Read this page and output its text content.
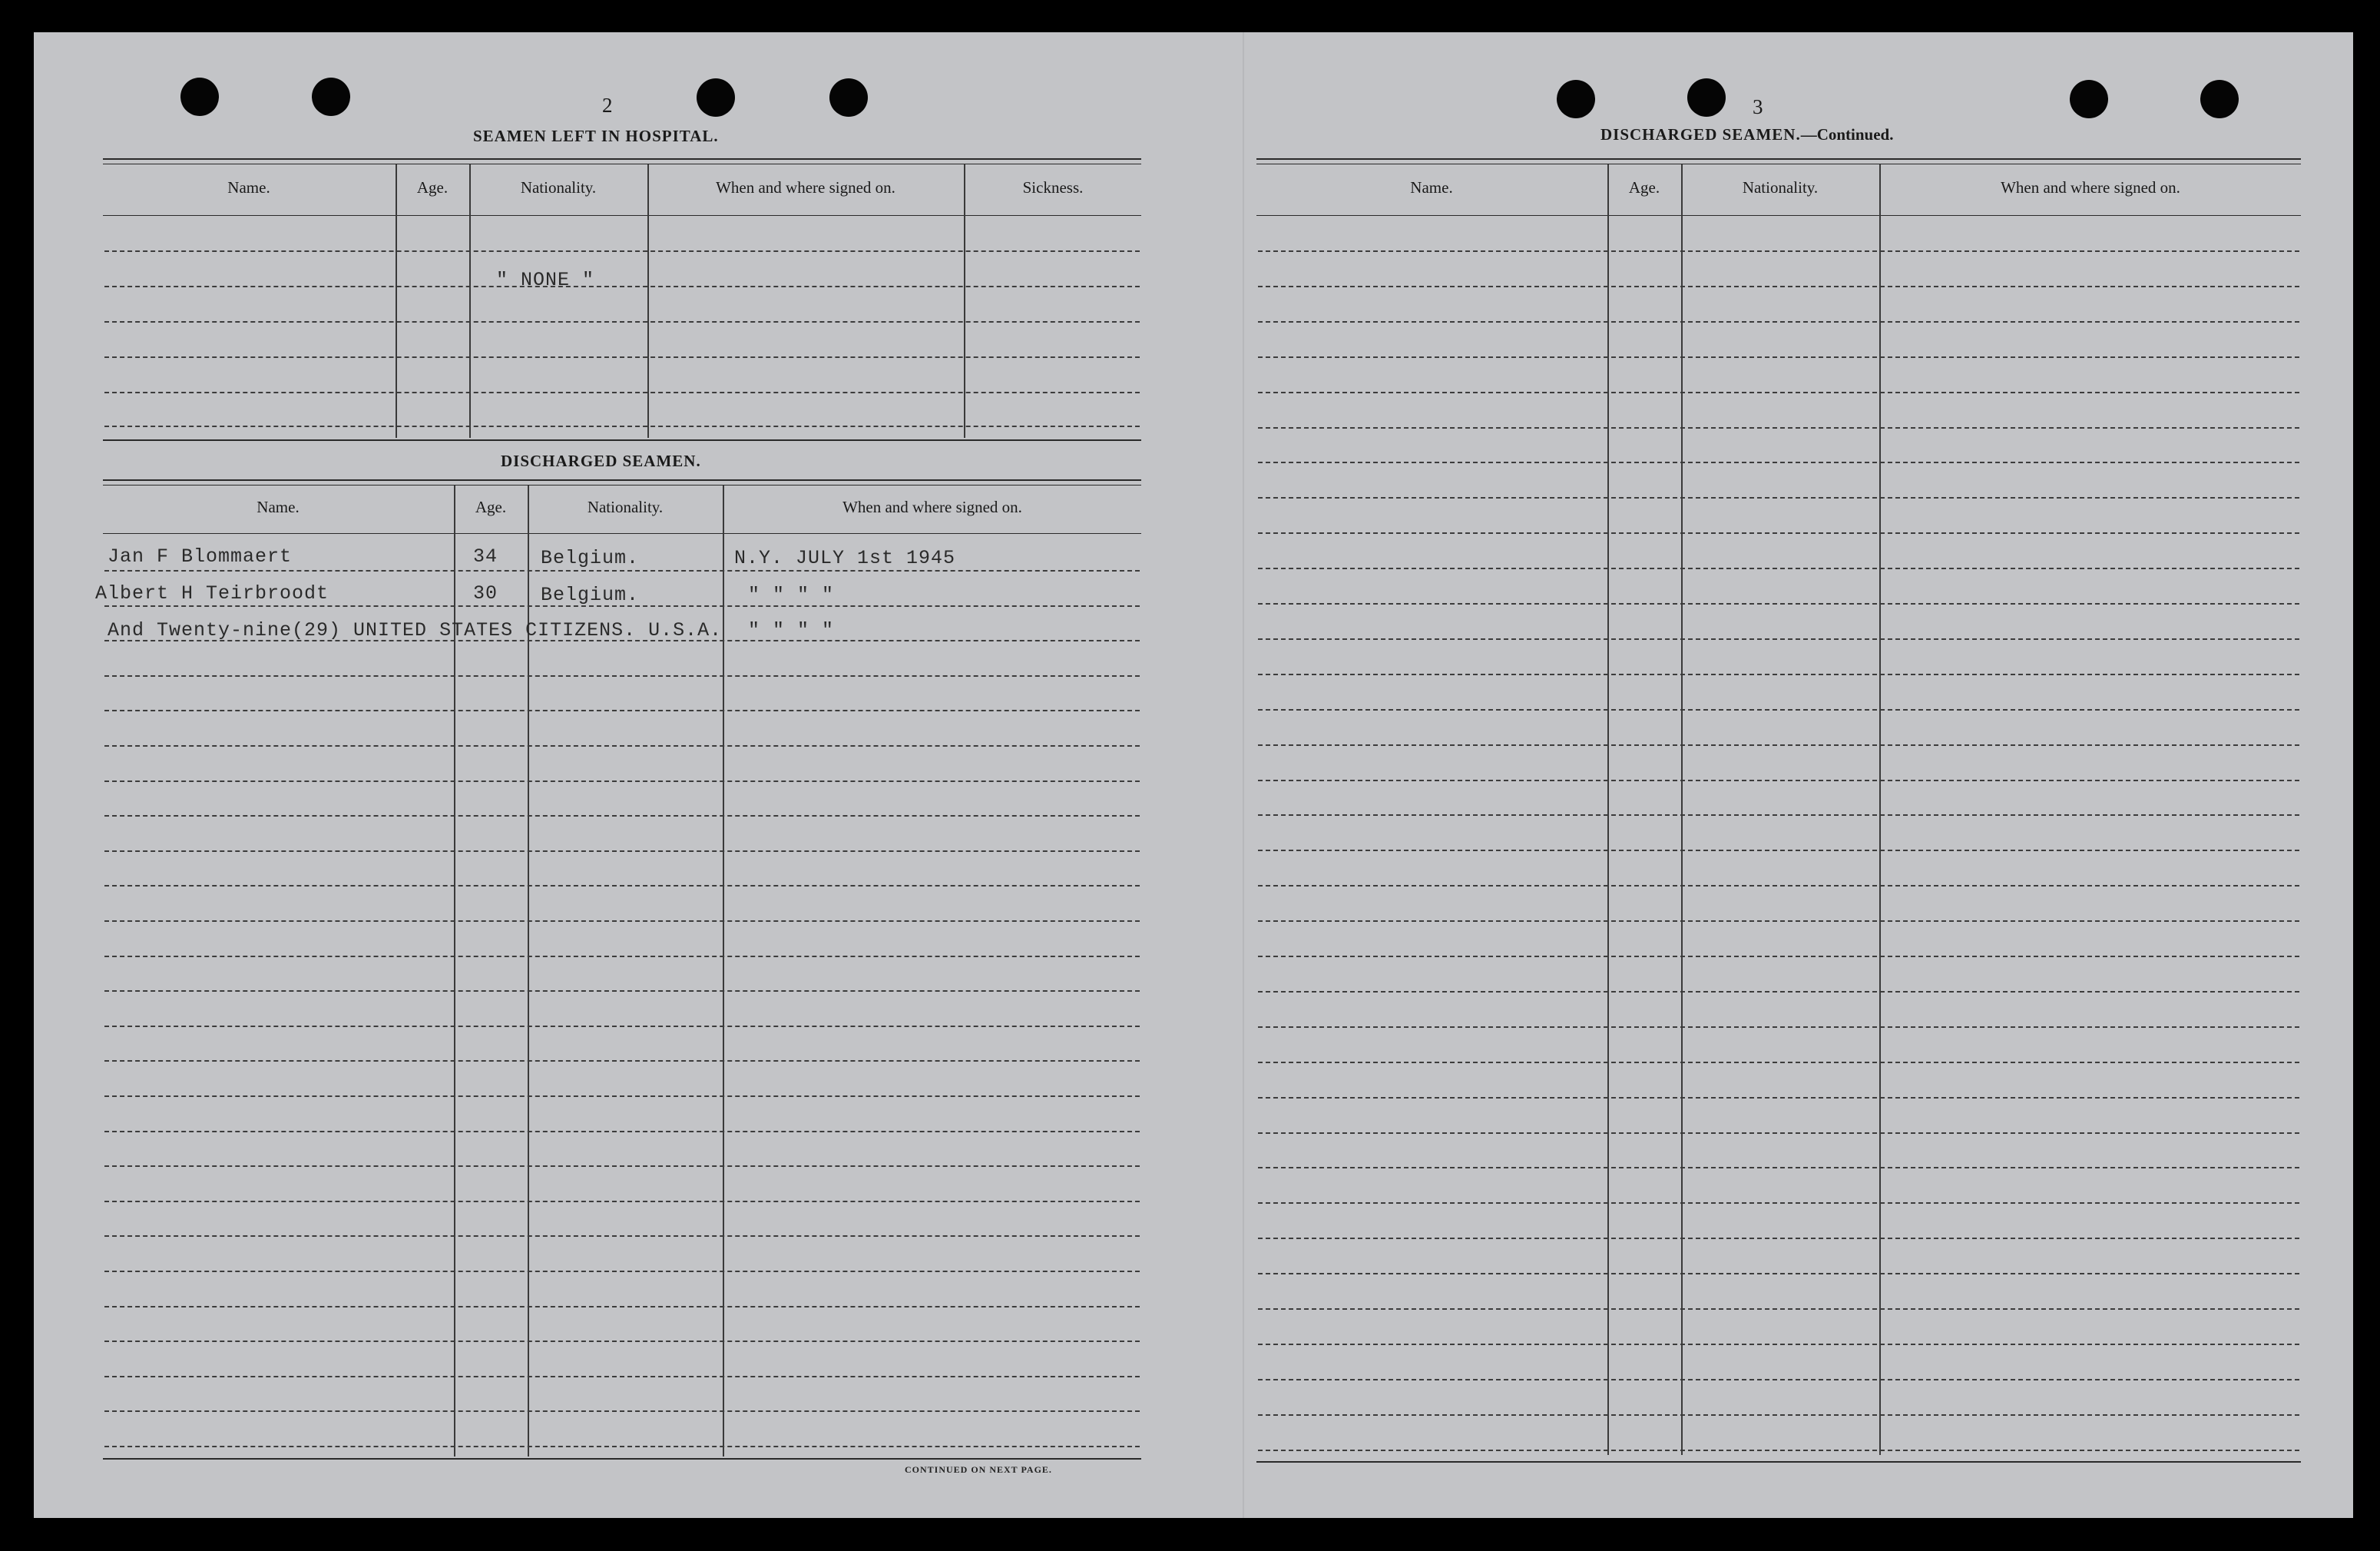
2
SEAMEN LEFT IN HOSPITAL.
Name.	Age.	Nationality.	When and where signed on.	Sickness.
" NONE "
DISCHARGED SEAMEN.
Name.	Age.	Nationality.	When and where signed on.
Jan F Blommaert	34 Belgium.	N.Y. JULY 1st 1945
Albert H Teirbroodt	30 Belgium.	" " " "
And Twenty-nine(29) UNITED STATES CITIZENS. U.S.A. " " " "
CONTINUED ON NEXT PAGE.
3
DISCHARGED SEAMEN.—Continued.
Name.	Age.	Nationality.	When and where signed on.
